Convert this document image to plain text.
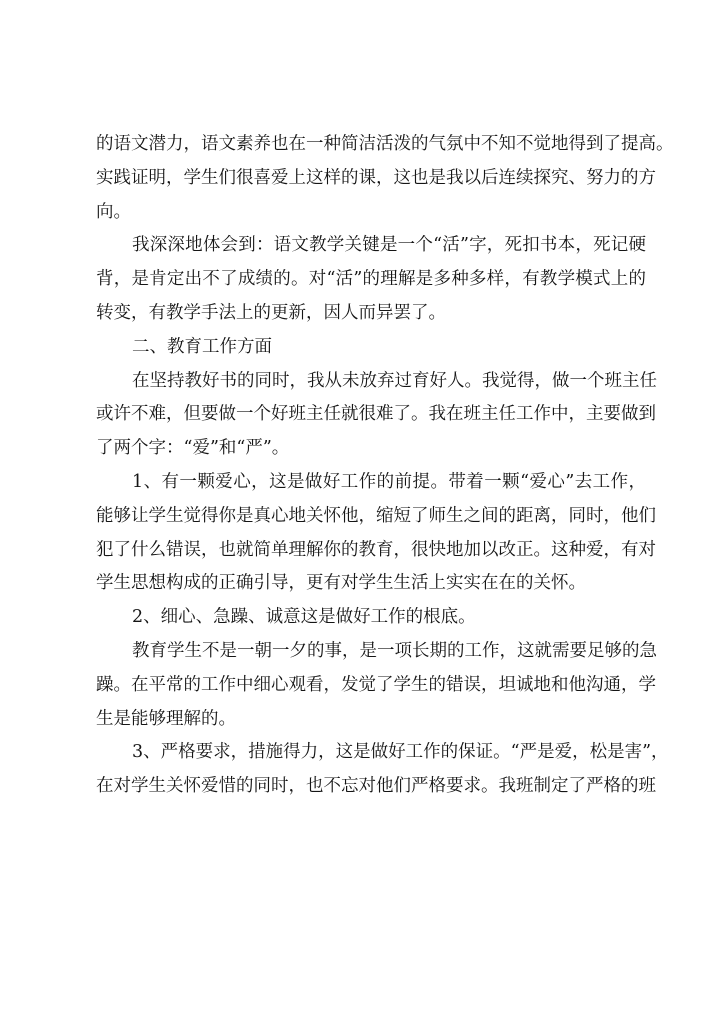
的语文潜力，语文素养也在一种简洁活泼的气氛中不知不觉地得到了提高。
实践证明，学生们很喜爱上这样的课，这也是我以后连续探究、努力的方
向。
我深深地体会到：语文教学关键是一个“活”字，死扣书本，死记硬
背，是肯定出不了成绩的。对“活”的理解是多种多样，有教学模式上的
转变，有教学手法上的更新，因人而异罢了。
二、教育工作方面
在坚持教好书的同时，我从未放弃过育好人。我觉得，做一个班主任
或许不难，但要做一个好班主任就很难了。我在班主任工作中，主要做到
了两个字：“爱”和“严”。
1、有一颗爱心，这是做好工作的前提。带着一颗“爱心”去工作，
能够让学生觉得你是真心地关怀他，缩短了师生之间的距离，同时，他们
犯了什么错误，也就简单理解你的教育，很快地加以改正。这种爱，有对
学生思想构成的正确引导，更有对学生生活上实实在在的关怀。
2、细心、急躁、诚意这是做好工作的根底。
教育学生不是一朝一夕的事，是一项长期的工作，这就需要足够的急
躁。在平常的工作中细心观看，发觉了学生的错误，坦诚地和他沟通，学
生是能够理解的。
3、严格要求，措施得力，这是做好工作的保证。“严是爱，松是害”，
在对学生关怀爱惜的同时，也不忘对他们严格要求。我班制定了严格的班
